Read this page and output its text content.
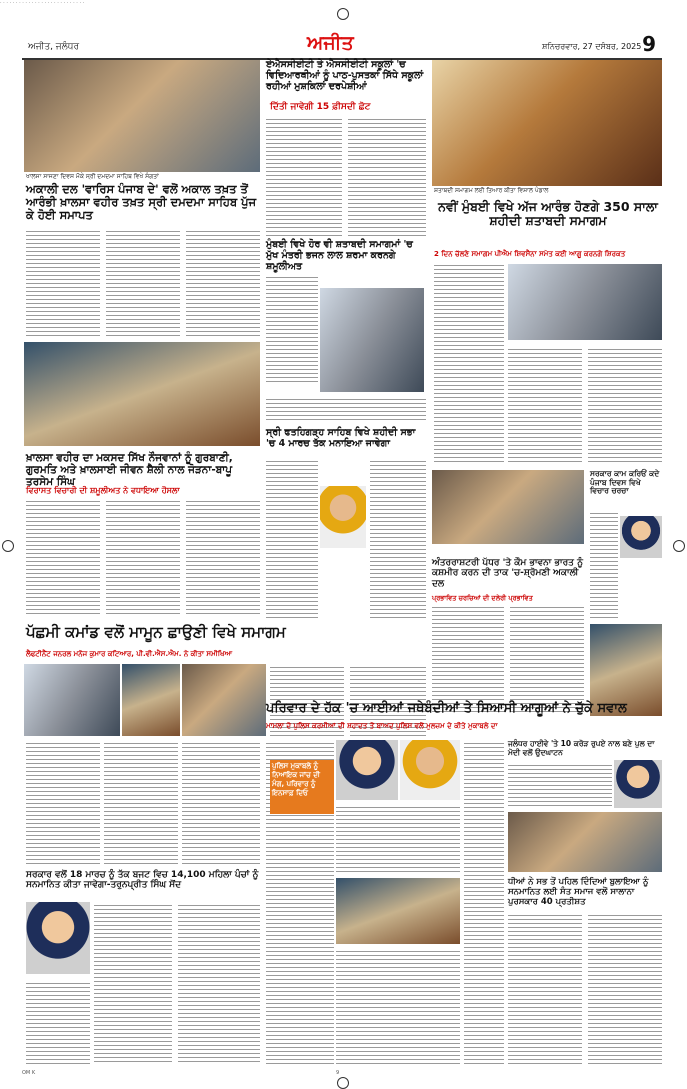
· · · · · · · · · · · · · · · · · · · · · · · · · · ·
ਅਜੀਤ, ਜਲੰਧਰ	ਅਜੀਤ	ਸ਼ਨਿਚਰਵਾਰ, 27 ਦਸੰਬਰ, 2025 9
ਖਾਲਸਾ ਸਾਜਣਾ ਦਿਵਸ ਮੌਕੇ ਸ੍ਰੀ ਦਮਦਮਾ ਸਾਹਿਬ ਵਿਖੇ ਸੰਗਤਾਂ
ਅਕਾਲੀ ਦਲ 'ਵਾਰਿਸ ਪੰਜਾਬ ਦੇ' ਵਲੋਂ ਅਕਾਲ ਤਖ਼ਤ ਤੋਂ ਆਰੰਭੀ ਖ਼ਾਲਸਾ ਵਹੀਰ ਤਖ਼ਤ ਸ੍ਰੀ ਦਮਦਮਾ ਸਾਹਿਬ ਪੁੱਜ ਕੇ ਹੋਈ ਸਮਾਪਤ
ਖ਼ਾਲਸਾ ਵਹੀਰ ਦਾ ਮਕਸਦ ਸਿੱਖ ਨੌਜਵਾਨਾਂ ਨੂੰ ਗੁਰਬਾਣੀ, ਗੁਰਮਤਿ ਅਤੇ ਖ਼ਾਲਸਾਈ ਜੀਵਨ ਸ਼ੈਲੀ ਨਾਲ ਜੋੜਨਾ-ਬਾਪੂ ਤਰਸੇਮ ਸਿੰਘ
ਵਿਰਾਸਤ ਵਿਚਾਰੀ ਦੀ ਸ਼ਮੂਲੀਅਤ ਨੇ ਵਧਾਇਆ ਹੌਸਲਾ
ਏਐਸਸੀਈਟੀ ਤੇ ਐਸਸੀਈਟੀ ਸਕੂਲਾਂ 'ਚ ਵਿਦਿਆਰਥੀਆਂ ਨੂੰ ਪਾਠ-ਪੁਸਤਕਾਂ ਸਿੱਧੇ ਸਕੂਲਾਂ ਰਹੀਆਂ ਮੁਸ਼ਕਿਲਾਂ ਦਰਪੇਸ਼ੀਆਂ
ਦਿੱਤੀ ਜਾਵੇਗੀ 15 ਫ਼ੀਸਦੀ ਛੋਟ
ਮੁੰਬਈ ਵਿਖੇ ਹੋਰ ਵੀ ਸ਼ਤਾਬਦੀ ਸਮਾਗਮਾਂ 'ਚ ਮੁੱਖ ਮੰਤਰੀ ਭਜਨ ਲਾਲ ਸ਼ਰਮਾ ਕਰਨਗੇ ਸ਼ਮੂਲੀਅਤ
ਸ੍ਰੀ ਫਤਹਿਗੜ੍ਹ ਸਾਹਿਬ ਵਿਖੇ ਸ਼ਹੀਦੀ ਸਭਾ 'ਚ 4 ਮਾਰਚ ਤੱਕ ਮਨਾਇਆ ਜਾਵੇਗਾ
ਸ਼ਤਾਬਦੀ ਸਮਾਗਮ ਲਈ ਤਿਆਰ ਕੀਤਾ ਵਿਸ਼ਾਲ ਪੰਡਾਲ
ਨਵੀਂ ਮੁੰਬਈ ਵਿਖੇ ਅੱਜ ਆਰੰਭ ਹੋਣਗੇ 350 ਸਾਲਾ ਸ਼ਹੀਦੀ ਸ਼ਤਾਬਦੀ ਸਮਾਗਮ
2 ਦਿਨ ਚੱਲਣੇ ਸਮਾਗਮ ਪੀਐਮ ਸ਼ਿਵਸੈਨਾ ਸਮੇਤ ਕਈ ਆਗੂ ਕਰਨਗੇ ਸ਼ਿਰਕਤ
ਸਰਕਾਰ ਕਾਮ ਕਰਿਓਂ ਕਦੇ ਪੰਜਾਬ ਦਿਵਸ ਵਿਖੇ ਵਿਚਾਰ ਚਰਚਾ
ਅੰਤਰਰਾਸ਼ਟਰੀ ਪੱਧਰ 'ਤੇ ਕੌਮ ਭਾਵਨਾ ਭਾਰਤ ਨੂੰ ਕਸ਼ਮੀਰ ਕਰਨ ਦੀ ਤਾਕ 'ਚ-ਸ਼੍ਰੋਮਣੀ ਅਕਾਲੀ ਦਲ
ਪ੍ਰਭਾਵਿਤ ਚਰਚਿਆਂ ਦੀ ਦਲੇਰੀ ਪ੍ਰਭਾਵਿਤ
ਪੱਛਮੀ ਕਮਾਂਡ ਵਲੋਂ ਮਾਮੂਨ ਛਾਉਣੀ ਵਿਖੇ ਸਮਾਗਮ
ਲੈਫਟੀਨੈਂਟ ਜਨਰਲ ਮਨੋਜ ਕੁਮਾਰ ਕਟਿਆਰ, ਪੀ.ਵੀ.ਐਸ.ਐਮ. ਨੇ ਕੀਤਾ ਸਮੀਖਿਆ
ਸਰਕਾਰ ਵਲੋਂ 18 ਮਾਰਚ ਨੂੰ ਤੱਕ ਬਜਟ ਵਿਚ 14,100 ਮਹਿਲਾ ਪੰਚਾਂ ਨੂੰ ਸਨਮਾਨਿਤ ਕੀਤਾ ਜਾਵੇਗਾ-ਤਰੁਨਪ੍ਰੀਤ ਸਿੰਘ ਸੋਂਦ
ਪਰਿਵਾਰ ਦੇ ਹੱਕ 'ਚ ਆਈਆਂ ਜਥੇਬੰਦੀਆਂ ਤੇ ਸਿਆਸੀ ਆਗੂਆਂ ਨੇ ਚੁੱਕੇ ਸਵਾਲ
ਮਾਮਲਾ ਦੋ ਪੁਲਿਸ ਕਰਮੀਆਂ ਦੀ ਸ਼ਹਾਦਤ ਤੋਂ ਬਾਅਦ ਪੁਲਿਸ ਵਲੋਂ ਮੁਲਜ਼ਮ ਦੇ ਕੀਤੇ ਮੁਕਾਬਲੇ ਦਾ
ਪੁਲਿਸ ਮੁਕਾਬਲੇ ਨੂੰ ਨਿਆਂਇਕ ਜਾਂਚ ਦੀ ਮੰਗ, ਪਰਿਵਾਰ ਨੂੰ ਇਨਸਾਫ਼ ਦਿਓ
ਜਲੰਧਰ ਹਾਈਵੇ 'ਤੇ 10 ਕਰੋੜ ਰੁਪਏ ਨਾਲ ਬਣੇ ਪੁਲ ਦਾ ਮੋਦੀ ਵਲੋਂ ਉਦਘਾਟਨ
ਧੀਆਂ ਨੇ ਸਭ ਤੋਂ ਪਹਿਲ ਦਿੰਦਿਆਂ ਬੁਲਾਇਆ ਨੂੰ ਸਨਮਾਨਿਤ ਲਈ ਸੰਤ ਸਮਾਜ ਵਲੋਂ ਸਾਲਾਨਾ ਪੁਰਸਕਾਰ 40 ਪ੍ਰਤੀਸ਼ਤ
OM K	9
